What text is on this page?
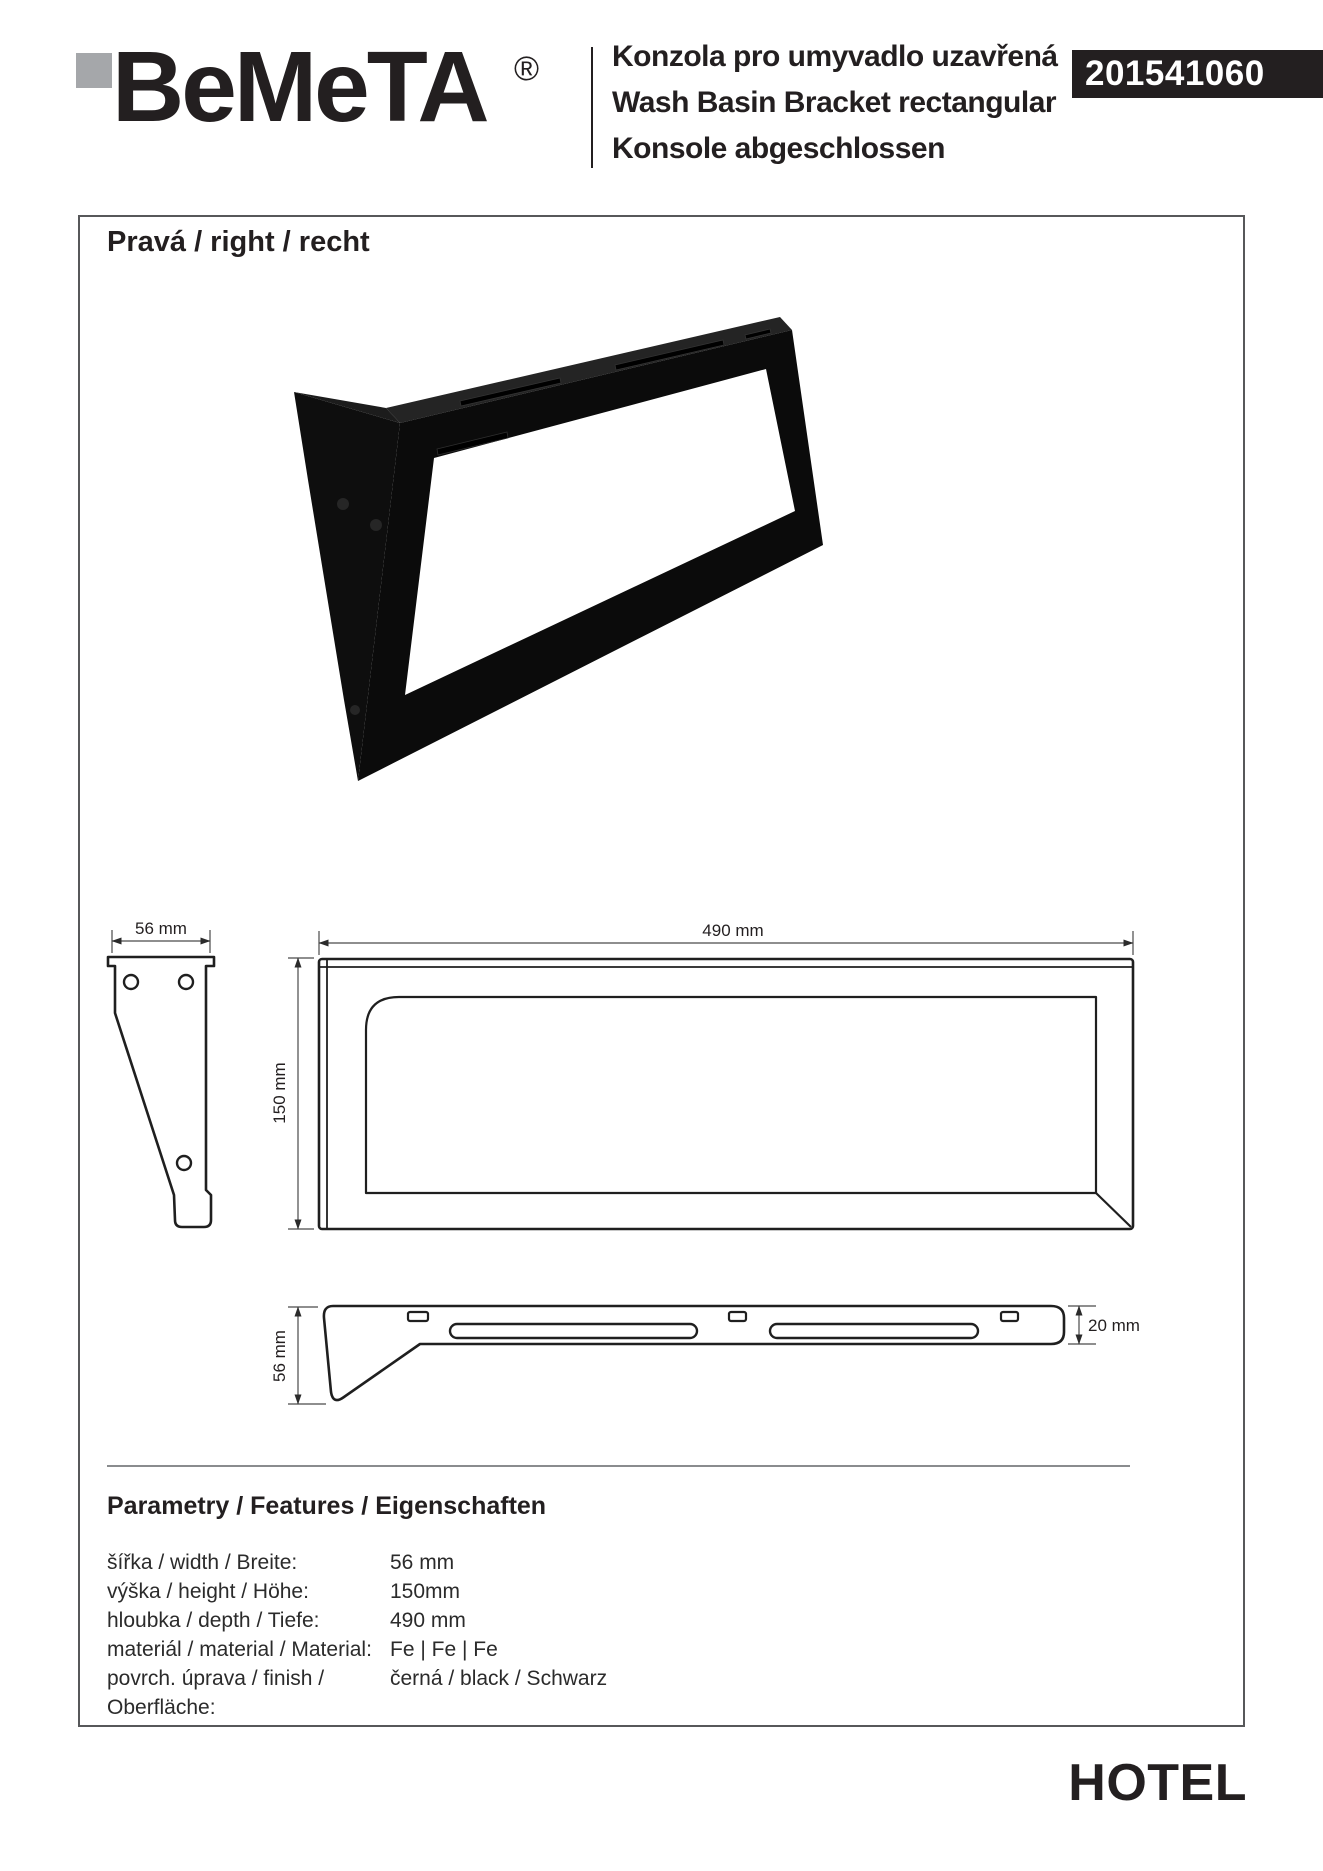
BeMeTA ® Konzola pro umyvadlo uzavřená
Wash Basin Bracket rectangular
Konsole abgeschlossen
201541060
Pravá / right / recht
56 mm	490 mm
150 mm
56 mm
20 mm
Parametry / Features / Eigenschaften
šířka / width / Breite:	56 mm
výška / height / Höhe:	150mm
hloubka / depth / Tiefe:	490 mm
materiál / material / Material: Fe | Fe | Fe
povrch. úprava / finish / Oberfläche:
černá / black / Schwarz
HOTEL
